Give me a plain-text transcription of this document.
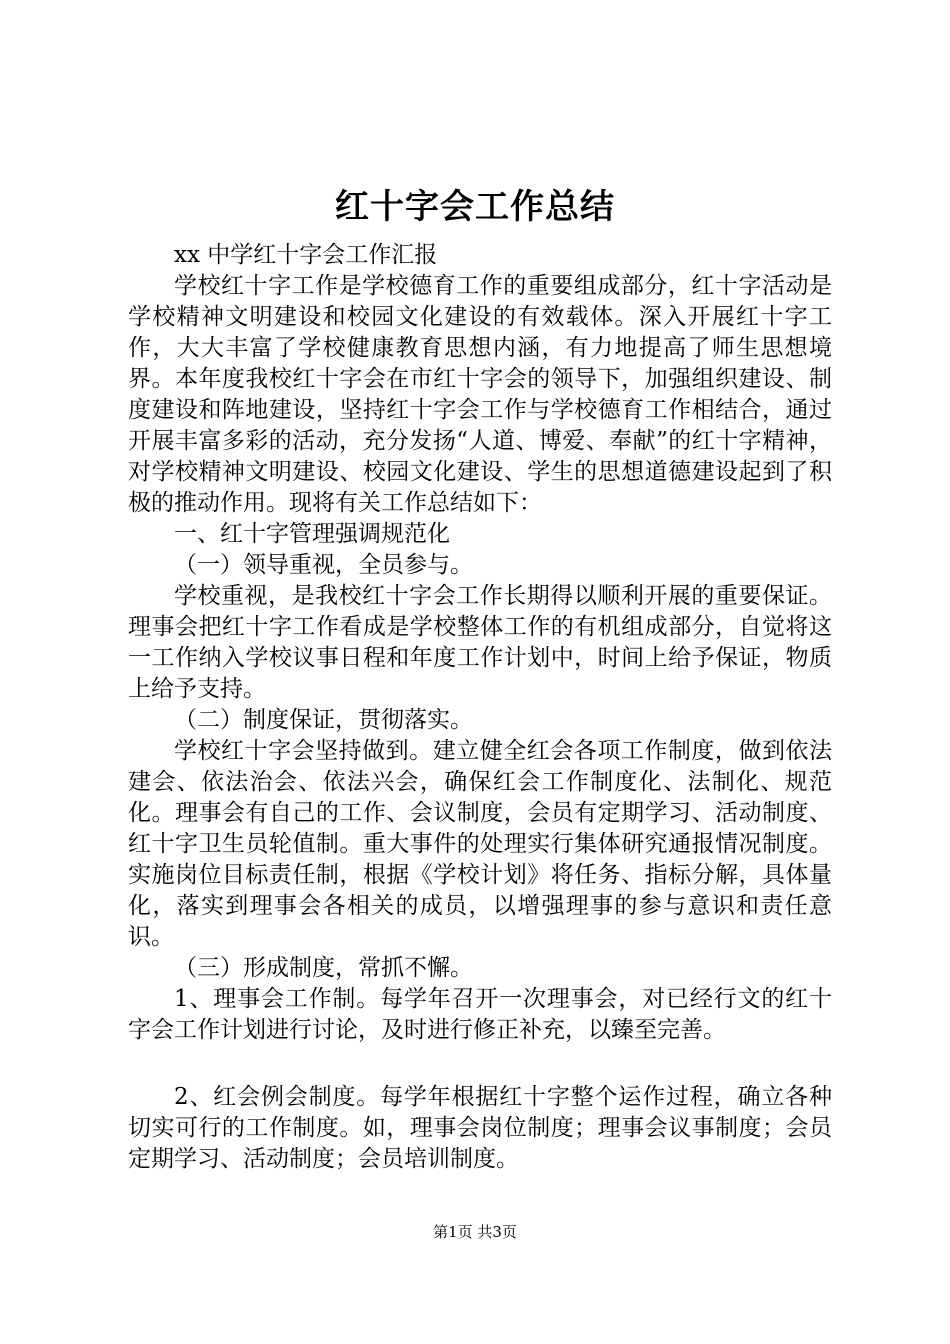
红十字会工作总结

xx 中学红十字会工作汇报

学校红十字工作是学校德育工作的重要组成部分，红十字活动是学校精神文明建设和校园文化建设的有效载体。深入开展红十字工作，大大丰富了学校健康教育思想内涵，有力地提高了师生思想境界。本年度我校红十字会在市红十字会的领导下，加强组织建设、制度建设和阵地建设，坚持红十字会工作与学校德育工作相结合，通过开展丰富多彩的活动，充分发扬“人道、博爱、奉献”的红十字精神，对学校精神文明建设、校园文化建设、学生的思想道德建设起到了积极的推动作用。现将有关工作总结如下：

一、红十字管理强调规范化

（一）领导重视，全员参与。

学校重视，是我校红十字会工作长期得以顺利开展的重要保证。理事会把红十字工作看成是学校整体工作的有机组成部分，自觉将这一工作纳入学校议事日程和年度工作计划中，时间上给予保证，物质上给予支持。

（二）制度保证，贯彻落实。

学校红十字会坚持做到。建立健全红会各项工作制度，做到依法建会、依法治会、依法兴会，确保红会工作制度化、法制化、规范化。理事会有自己的工作、会议制度，会员有定期学习、活动制度、红十字卫生员轮值制。重大事件的处理实行集体研究通报情况制度。实施岗位目标责任制，根据《学校计划》将任务、指标分解，具体量化，落实到理事会各相关的成员，以增强理事的参与意识和责任意识。

（三）形成制度，常抓不懈。

1、理事会工作制。每学年召开一次理事会，对已经行文的红十字会工作计划进行讨论，及时进行修正补充，以臻至完善。

2、红会例会制度。每学年根据红十字整个运作过程，确立各种切实可行的工作制度。如，理事会岗位制度；理事会议事制度；会员定期学习、活动制度；会员培训制度。

第1页 共3页
